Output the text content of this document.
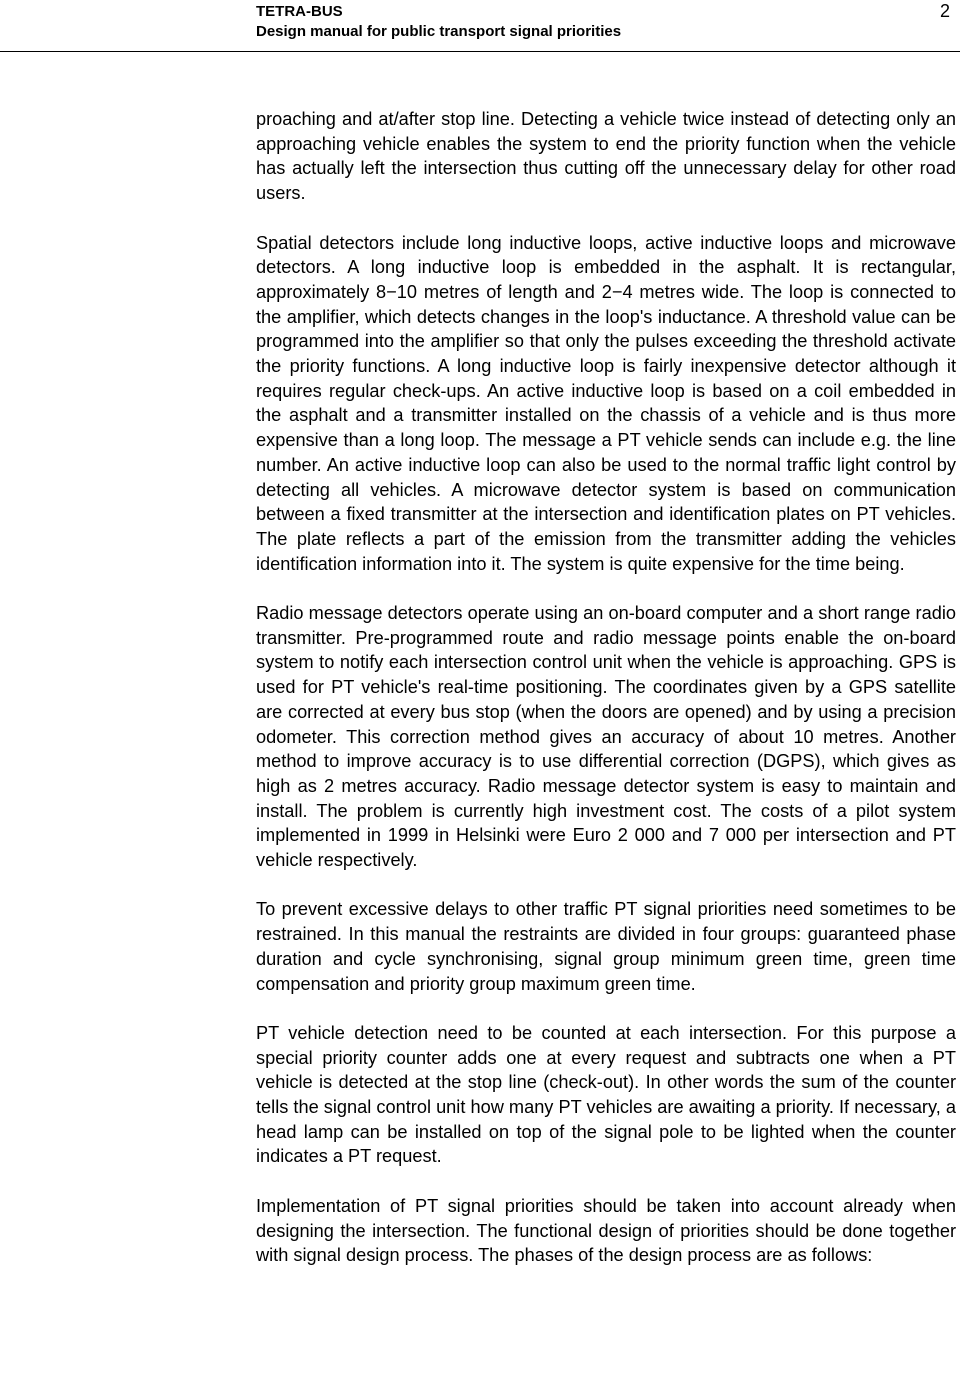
TETRA-BUS
Design manual for public transport signal priorities
2

proaching and at/after stop line. Detecting a vehicle twice instead of detecting only an approaching vehicle enables the system to end the priority function when the vehicle has actually left the intersection thus cutting off the unnecessary delay for other road users.

Spatial detectors include long inductive loops, active inductive loops and microwave detectors. A long inductive loop is embedded in the asphalt. It is rectangular, approximately 8−10 metres of length and 2−4 metres wide. The loop is connected to the amplifier, which detects changes in the loop's inductance. A threshold value can be programmed into the amplifier so that only the pulses exceeding the threshold activate the priority functions. A long inductive loop is fairly inexpensive detector although it requires regular check-ups. An active inductive loop is based on a coil embedded in the asphalt and a transmitter installed on the chassis of a vehicle and is thus more expensive than a long loop. The message a PT vehicle sends can include e.g. the line number. An active inductive loop can also be used to the normal traffic light control by detecting all vehicles. A microwave detector system is based on communication between a fixed transmitter at the intersection and identification plates on PT vehicles. The plate reflects a part of the emission from the transmitter adding the vehicles identification information into it. The system is quite expensive for the time being.

Radio message detectors operate using an on-board computer and a short range radio transmitter. Pre-programmed route and radio message points enable the on-board system to notify each intersection control unit when the vehicle is approaching. GPS is used for PT vehicle's real-time positioning. The coordinates given by a GPS satellite are corrected at every bus stop (when the doors are opened) and by using a precision odometer. This correction method gives an accuracy of about 10 metres. Another method to improve accuracy is to use differential correction (DGPS), which gives as high as 2 metres accuracy. Radio message detector system is easy to maintain and install. The problem is currently high investment cost. The costs of a pilot system implemented in 1999 in Helsinki were Euro 2 000 and 7 000 per intersection and PT vehicle respectively.

To prevent excessive delays to other traffic PT signal priorities need sometimes to be restrained. In this manual the restraints are divided in four groups: guaranteed phase duration and cycle synchronising, signal group minimum green time, green time compensation and priority group maximum green time.

PT vehicle detection need to be counted at each intersection. For this purpose a special priority counter adds one at every request and subtracts one when a PT vehicle is detected at the stop line (check-out). In other words the sum of the counter tells the signal control unit how many PT vehicles are awaiting a priority. If necessary, a head lamp can be installed on top of the signal pole to be lighted when the counter indicates a PT request.

Implementation of PT signal priorities should be taken into account already when designing the intersection. The functional design of priorities should be done together with signal design process. The phases of the design process are as follows:
